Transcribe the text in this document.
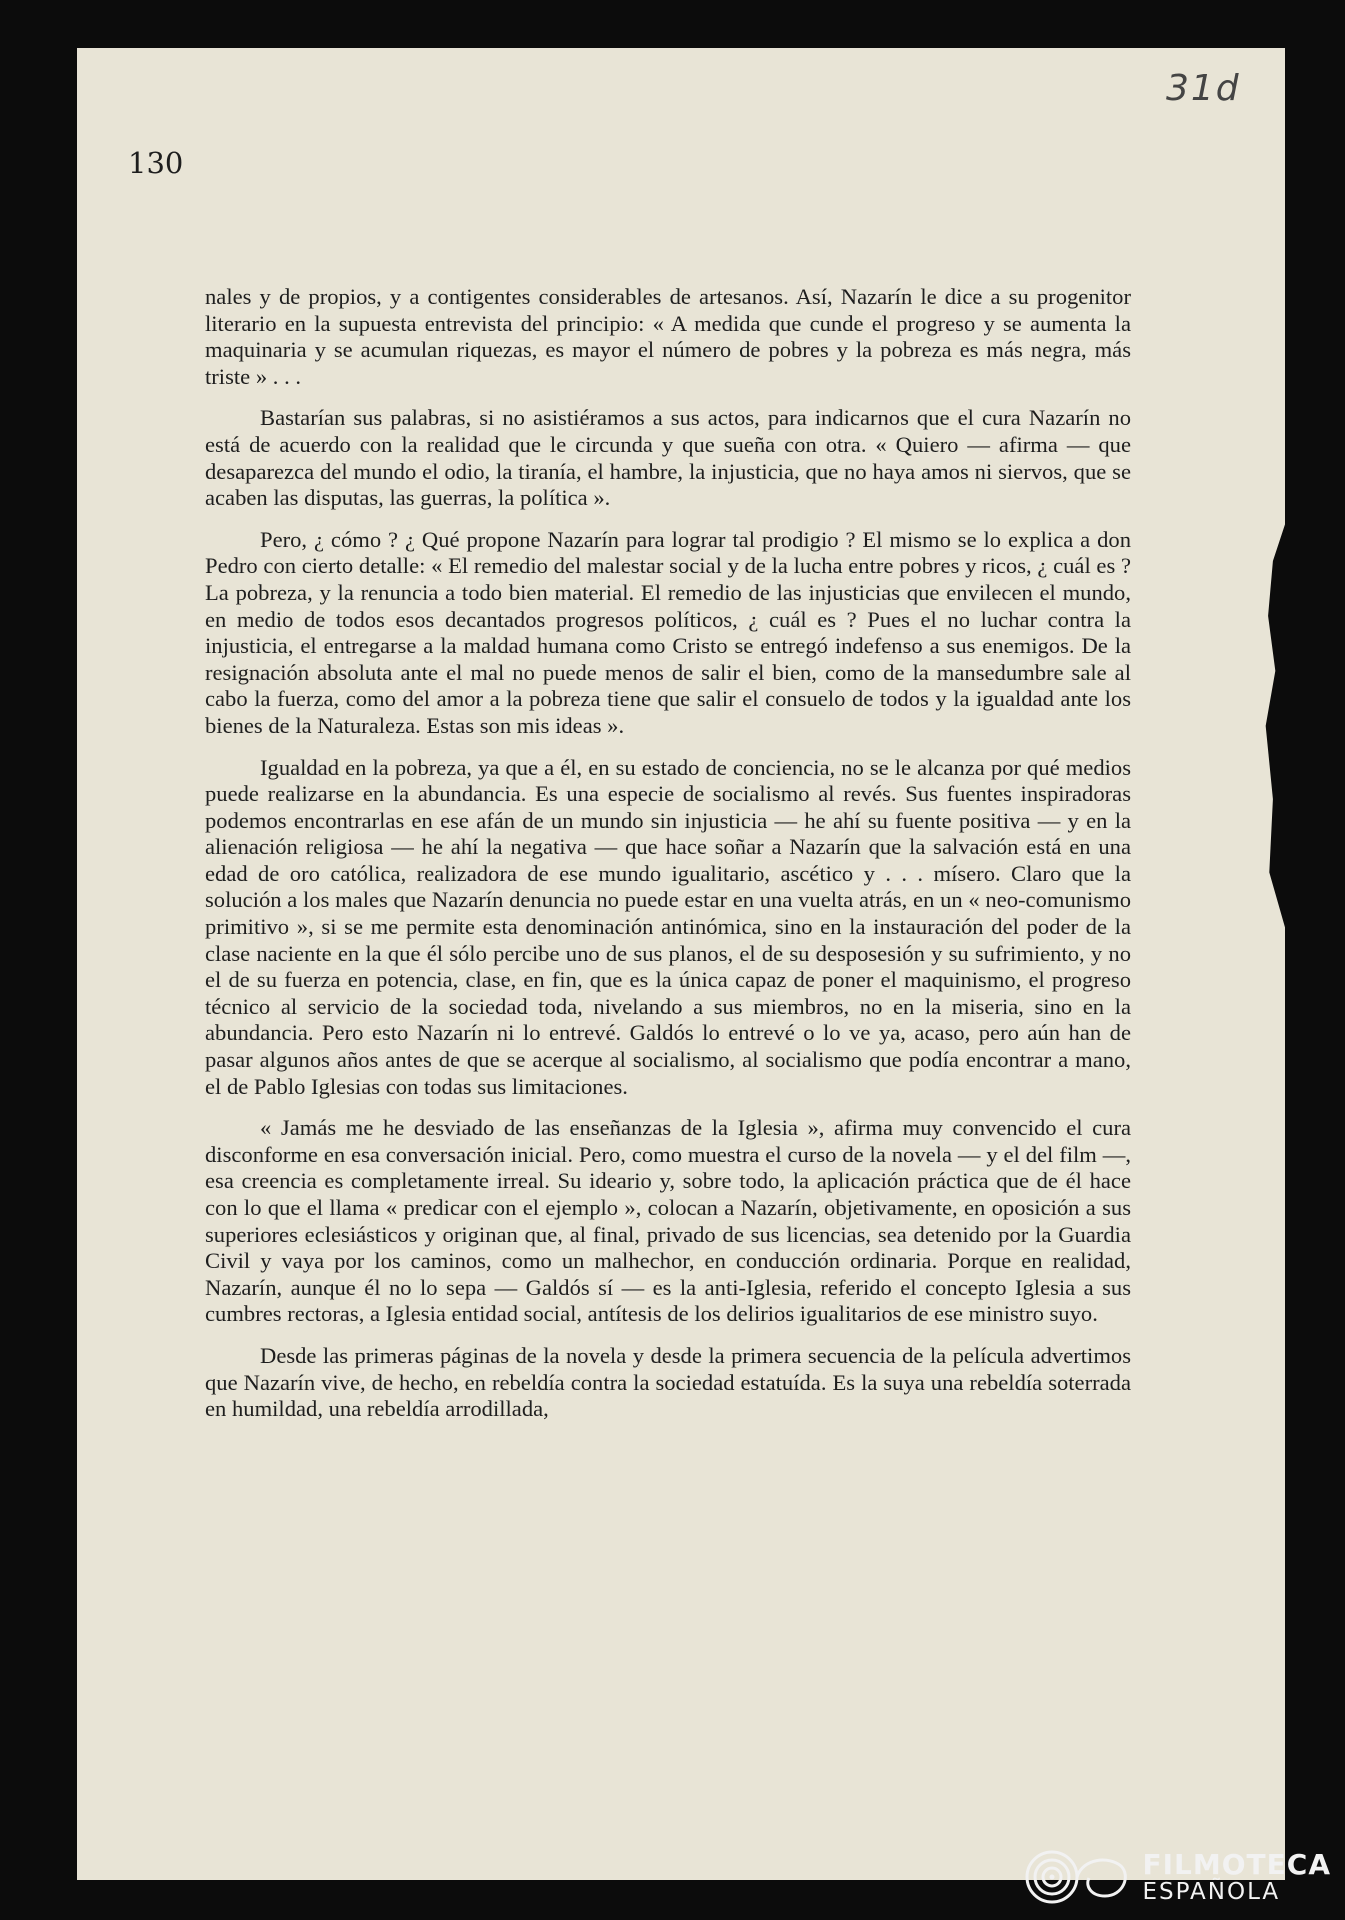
31d
130

nales y de propios, y a contigentes considerables de artesanos. Así, Nazarín le dice a su progenitor literario en la supuesta entrevista del principio: « A medida que cunde el progreso y se aumenta la maquinaria y se acumulan riquezas, es mayor el número de pobres y la pobreza es más negra, más triste » . . .

Bastarían sus palabras, si no asistiéramos a sus actos, para indicarnos que el cura Nazarín no está de acuerdo con la realidad que le circunda y que sueña con otra. « Quiero — afirma — que desaparezca del mundo el odio, la tiranía, el hambre, la injusticia, que no haya amos ni siervos, que se acaben las disputas, las guerras, la política ».

Pero, ¿ cómo ? ¿ Qué propone Nazarín para lograr tal prodigio ? El mismo se lo explica a don Pedro con cierto detalle: « El remedio del malestar social y de la lucha entre pobres y ricos, ¿ cuál es ? La pobreza, y la renuncia a todo bien material. El remedio de las injusticias que envilecen el mundo, en medio de todos esos decantados progresos políticos, ¿ cuál es ? Pues el no luchar contra la injusticia, el entregarse a la maldad humana como Cristo se entregó indefenso a sus enemigos. De la resignación absoluta ante el mal no puede menos de salir el bien, como de la mansedumbre sale al cabo la fuerza, como del amor a la pobreza tiene que salir el consuelo de todos y la igualdad ante los bienes de la Naturaleza. Estas son mis ideas ».

Igualdad en la pobreza, ya que a él, en su estado de conciencia, no se le alcanza por qué medios puede realizarse en la abundancia. Es una especie de socialismo al revés. Sus fuentes inspiradoras podemos encontrarlas en ese afán de un mundo sin injusticia — he ahí su fuente positiva — y en la alienación religiosa — he ahí la negativa — que hace soñar a Nazarín que la salvación está en una edad de oro católica, realizadora de ese mundo igualitario, ascético y . . . mísero. Claro que la solución a los males que Nazarín denuncia no puede estar en una vuelta atrás, en un « neo-comunismo primitivo », si se me permite esta denominación antinómica, sino en la instauración del poder de la clase naciente en la que él sólo percibe uno de sus planos, el de su desposesión y su sufrimiento, y no el de su fuerza en potencia, clase, en fin, que es la única capaz de poner el maquinismo, el progreso técnico al servicio de la sociedad toda, nivelando a sus miembros, no en la miseria, sino en la abundancia. Pero esto Nazarín ni lo entrevé. Galdós lo entrevé o lo ve ya, acaso, pero aún han de pasar algunos años antes de que se acerque al socialismo, al socialismo que podía encontrar a mano, el de Pablo Iglesias con todas sus limitaciones.

« Jamás me he desviado de las enseñanzas de la Iglesia », afirma muy convencido el cura disconforme en esa conversación inicial. Pero, como muestra el curso de la novela — y el del film —, esa creencia es completamente irreal. Su ideario y, sobre todo, la aplicación práctica que de él hace con lo que el llama « predicar con el ejemplo », colocan a Nazarín, objetivamente, en oposición a sus superiores eclesiásticos y originan que, al final, privado de sus licencias, sea detenido por la Guardia Civil y vaya por los caminos, como un malhechor, en conducción ordinaria. Porque en realidad, Nazarín, aunque él no lo sepa — Galdós sí — es la anti-Iglesia, referido el concepto Iglesia a sus cumbres rectoras, a Iglesia entidad social, antítesis de los delirios igualitarios de ese ministro suyo.

Desde las primeras páginas de la novela y desde la primera secuencia de la película advertimos que Nazarín vive, de hecho, en rebeldía contra la sociedad estatuída. Es la suya una rebeldía soterrada en humildad, una rebeldía arrodillada,

FILMOTECA
ESPAÑOLA
